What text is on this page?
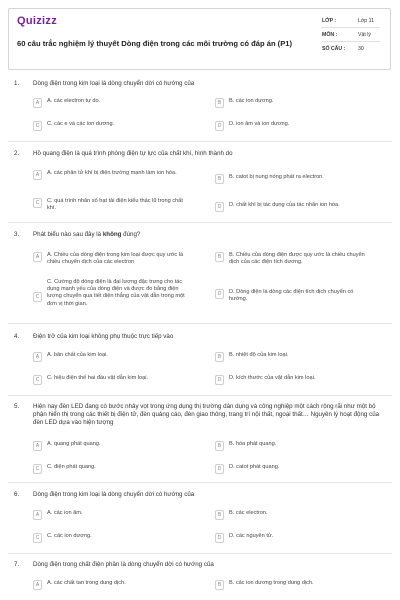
Quizizz
60 câu trắc nghiệm lý thuyết Dòng điện trong các môi trường có đáp án (P1)
LỚP :	Lớp 11
MÔN :	Vật lý
SỐ CÂU : 30
1. Dòng điện trong kim loại là dòng chuyển dời có hướng của
A	A. các electron tự do.	B	B. các ion dương.
C	C. các e và các ion dương.	D	D. ion âm và ion dương.
2. Hồ quang điện là quá trình phóng điện tự lực của chất khí, hình thành do
A	A. các phân tử khí bị điện trường mạnh làm ion hóa.
B	B. catot bị nung nóng phát ra electron.
C	C. quá trình nhân số hạt tải điện kiểu thác lũ trong chất khí.	D	D. chất khí bị tác dụng của tác nhân ion hóa.
3. Phát biểu nào sau đây là không đúng?
A	A. Chiều của dòng điện trong kim loại được quy ước là chiều chuyển dịch của các electron
B	B. Chiều của dòng điện được quy ước là chiều chuyển dịch của các điện tích dương.
C
C. Cường độ dòng điện là đại lượng đặc trưng cho tác dụng mạnh yếu của dòng điện và được đo bằng điện lượng chuyển qua tiết diện thẳng của vật dẫn trong một đơn vị thời gian.
D	D. Dòng điện là dòng các điện tích dịch chuyển có hướng.
4. Điện trở của kim loại không phụ thuộc trực tiếp vào
A	A. bản chất của kim loại.	B	B. nhiệt độ của kim loại.
C	C. hiệu điện thế hai đầu vật dẫn kim loại.	D	D. kích thước của vật dẫn kim loại.
5. Hiện nay đèn LED đang có bước nhảy vọt trong ứng dụng thị trường dân dụng và công nghiệp một cách rộng rãi như một bộ phận hiển thị trong các thiết bị điện tử, đèn quảng cáo, đèn giao thông, trang trí nội thất, ngoại thất… Nguyên lý hoạt động của đèn LED dựa vào hiện tượng
A	A. quang phát quang.	B	B. hóa phát quang.
C	C. điện phát quang.	D	D. catot phát quang.
6. Dòng điện trong kim loại là dòng chuyển dời có hướng của
A	A. các ion âm.	B	B. các electron.
C	C. các ion dương.	D	D. các nguyên tử.
7. Dòng điện trong chất điện phân là dòng chuyển dời có hướng của
A	A. các chất tan trong dung dịch.	B	B. các ion dương trong dung dịch.
